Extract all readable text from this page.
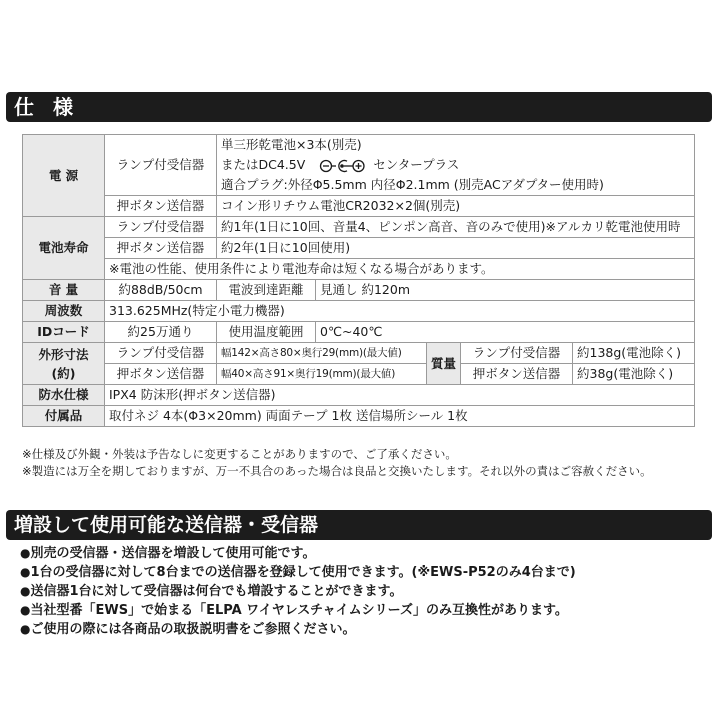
仕 様
電 源	ランプ付受信器	単三形乾電池×3本(別売)
またはDC4.5V センタープラス
適合プラグ:外径Φ5.5mm 内径Φ2.1mm (別売ACアダプター使用時)				

	押ボタン送信器	コイン形リチウム電池CR2032×2個(別売)				
電池寿命	ランプ付受信器	約1年(1日に10回、音量4、ピンポン高音、音のみで使用)※アルカリ乾電池使用時				
	押ボタン送信器	約2年(1日に10回使用)				
	※電池の性能、使用条件により電池寿命は短くなる場合があります。					
音 量	約88dB/50cm	電波到達距離	見通し 約120m			
周波数	313.625MHz(特定小電力機器)					
IDコード	約25万通り	使用温度範囲	0℃~40℃			

外形寸法
(約)	ランプ付受信器	幅142×高さ80×奥行29(mm)(最大値)		質量	ランプ付受信器	約138g(電池除く)
	押ボタン送信器	幅40×高さ91×奥行19(mm)(最大値)			押ボタン送信器	約38g(電池除く)
防水仕様	IPX4 防沫形(押ボタン送信器)					
付属品	取付ネジ 4本(Φ3×20mm) 両面テープ 1枚 送信場所シール 1枚					
※仕様及び外観・外装は予告なしに変更することがありますので、ご了承ください。
※製造には万全を期しておりますが、万一不具合のあった場合は良品と交換いたします。それ以外の責はご容赦ください。
増設して使用可能な送信器・受信器
●別売の受信器・送信器を増設して使用可能です。
●1台の受信器に対して8台までの送信器を登録して使用できます。(※EWS-P52のみ4台まで)
●送信器1台に対して受信器は何台でも増設することができます。
●当社型番「EWS」で始まる「ELPA ワイヤレスチャイムシリーズ」のみ互換性があります。
●ご使用の際には各商品の取扱説明書をご参照ください。
